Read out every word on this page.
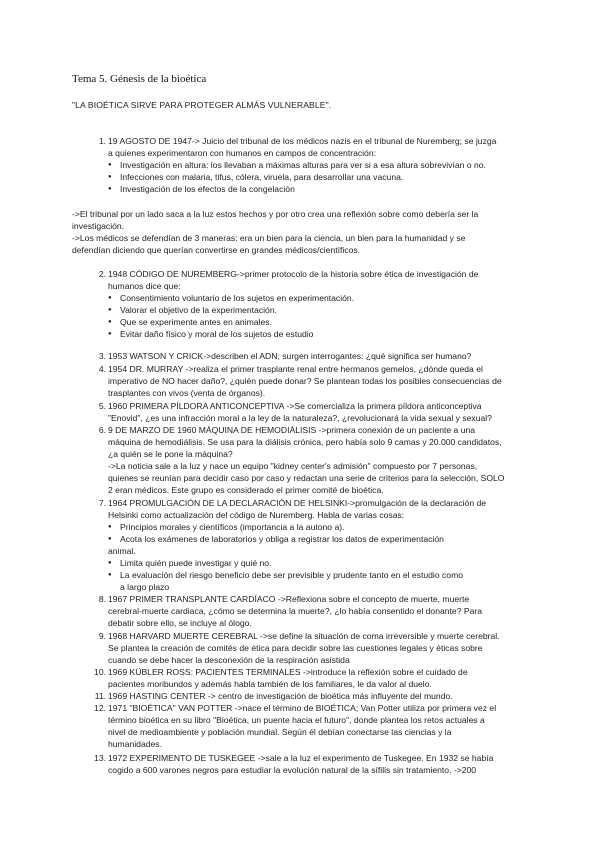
Tema 5. Génesis de la bioética
"LA BIOÉTICA SIRVE PARA PROTEGER ALMÁS VULNERABLE".
1. 19 AGOSTO DE 1947-> Juicio del tribunal de los médicos nazis en el tribunal de Nuremberg; se juzga

a quienes experimentaron con humanos en campos de concentración:

● Investigación en altura: los llevaban a máximas alturas para ver si a esa altura sobrevivían o no.

● Infecciones con malaria, tifus, cólera, viruela, para desarrollar una vacuna.

● Investigación de los efectos de la congelación

->El tribunal por un lado saca a la luz estos hechos y por otro crea una reflexión sobre como debería ser la

investigación.

->Los médicos se defendían de 3 maneras: era un bien para la ciencia, un bien para la humanidad y se

defendían diciendo que querían convertirse en grandes médicos/científicos.

2. 1948 CÓDIGO DE NUREMBERG->primer protocolo de la historia sobre ética de investigación de

humanos dice que:

● Consentimiento voluntario de los sujetos en experimentación.

● Valorar el objetivo de la experimentación.

● Que se experimente antes en animales.

● Evitar daño físico y moral de los sujetos de estudio

3. 1953 WATSON Y CRICK->describen el ADN; surgen interrogantes: ¿qué significa ser humano?

4. 1954 DR. MURRAY ->realiza el primer trasplante renal entre hermanos gemelos, ¿dónde queda el

imperativo de NO hacer daño?, ¿quién puede donar? Se plantean todas los posibles consecuencias de

trasplantes con vivos (venta de órganos).

5. 1960 PRIMERA PÍLDORA ANTICONCEPTIVA ->Se comercializa la primera píldora anticonceptiva

"Enovid", ¿es una infracción moral a la ley de la naturaleza?, ¿revolucionará la vida sexual y sexual?

6. 9 DE MARZO DE 1960 MÁQUINA DE HEMODIÁLISIS ->primera conexión de un paciente a una

máquina de hemodiálisis. Se usa para la diálisis crónica, pero había solo 9 camas y 20.000 candidatos,

¿a quién se le pone la máquina?

->La noticia sale a la luz y nace un equipo "kidney center's admisión" compuesto por 7 personas,

quienes se reunían para decidir caso por caso y redactan una serie de criterios para la selección, SOLO

2 eran médicos. Este grupo es considerado el primer comité de bioética.

7. 1964 PROMULGACIÓN DE LA DECLARACIÓN DE HELSINKI->promulgación de la declaración de

Helsinki como actualización del código de Nuremberg. Habla de varias cosas:

● Principios morales y científicos (importancia a la autono a).

● Acota los exámenes de laboratorios y obliga a registrar los datos de experimentación

animal.

● Limita quién puede investigar y quié no.

● La evaluación del riesgo beneficio debe ser previsible y prudente tanto en el estudio como

a largo plazo

8. 1967 PRIMER TRANSPLANTE CARDÍACO ->Reflexiona sobre el concepto de muerte, muerte

cerebral-muerte cardiaca, ¿cómo se determina la muerte?, ¿lo había consentido el donante? Para

debatir sobre ello, se incluye al ólogo.

9. 1968 HARVARD MUERTE CEREBRAL ->se define la situación de coma irreversible y muerte cerebral.

Se plantea la creación de comités de ética para decidir sobre las cuestiones legales y éticas sobre

cuando se debe hacer la desconexión de la respiración asistida

10. 1969 KÜBLER ROSS: PACIENTES TERMINALES ->introduce la reflexión sobre el cuidado de

pacientes moribundos y además habla también de los familiares, le da valor al duelo.

11. 1969 HASTING CENTER -> centro de investigación de bioética más influyente del mundo.

12. 1971 "BIOÉTICA" VAN POTTER ->nace el término de BIOÉTICA; Van Potter utiliza por primera vez el

término bioética en su libro "Bioética, un puente hacia el futuro", donde plantea los retos actuales a

nivel de medioambiente y población mundial. Según él debían conectarse las ciencias y la

humanidades.

13. 1972 EXPERIMENTO DE TUSKEGEE ->sale a la luz el experimento de Tuskegee. En 1932 se había

cogido a 600 varones negros para estudiar la evolución natural de la sífilis sin tratamiento. ->200
